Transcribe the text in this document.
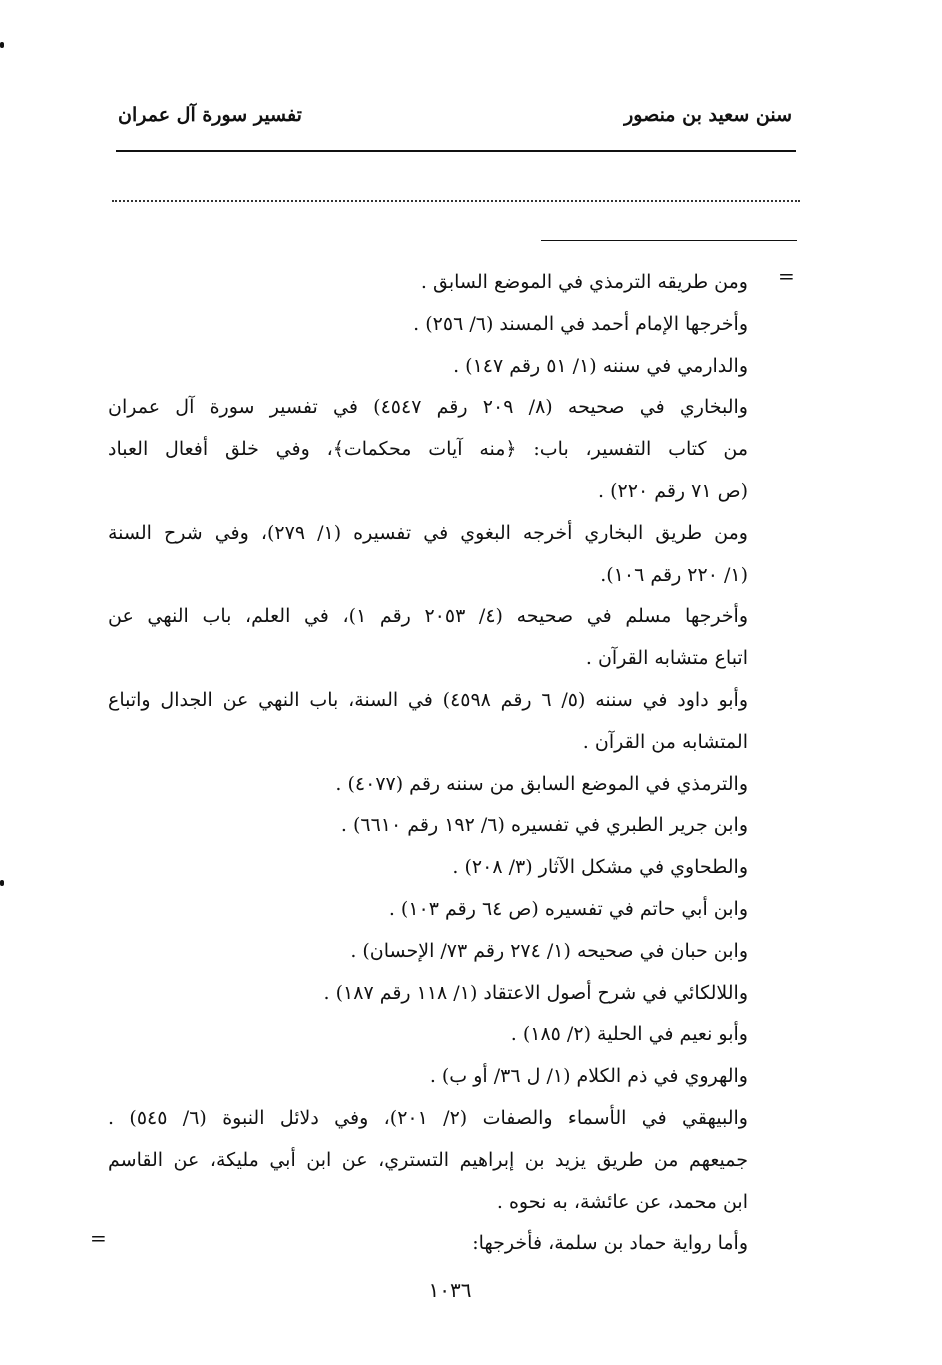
سنن سعيد بن منصور
تفسير سورة آل عمران
=
ومن طريقه الترمذي في الموضع السابق .
وأخرجها الإمام أحمد في المسند (٦/ ٢٥٦) .
والدارمي في سننه (١/ ٥١ رقم ١٤٧) .
والبخاري في صحيحه (٨/ ٢٠٩ رقم ٤٥٤٧) في تفسير سورة آل عمران
من كتاب التفسير، باب: ﴿منه آيات محكمات﴾، وفي خلق أفعال العباد
(ص ٧١ رقم ٢٢٠) .
ومن طريق البخاري أخرجه البغوي في تفسيره (١/ ٢٧٩)، وفي شرح السنة
(١/ ٢٢٠ رقم ١٠٦).
وأخرجها مسلم في صحيحه (٤/ ٢٠٥٣ رقم ١)، في العلم، باب النهي عن
اتباع متشابه القرآن .
وأبو داود في سننه (٥/ ٦ رقم ٤٥٩٨) في السنة، باب النهي عن الجدال واتباع
المتشابه من القرآن .
والترمذي في الموضع السابق من سننه رقم (٤٠٧٧) .
وابن جرير الطبري في تفسيره (٦/ ١٩٢ رقم ٦٦١٠) .
والطحاوي في مشكل الآثار (٣/ ٢٠٨) .
وابن أبي حاتم في تفسيره (ص ٦٤ رقم ١٠٣) .
وابن حبان في صحيحه (١/ ٢٧٤ رقم ٧٣/ الإحسان) .
واللالكائي في شرح أصول الاعتقاد (١/ ١١٨ رقم ١٨٧) .
وأبو نعيم في الحلية (٢/ ١٨٥) .
والهروي في ذم الكلام (١/ ل ٣٦/ أو ب) .
والبيهقي في الأسماء والصفات (٢/ ٢٠١)، وفي دلائل النبوة (٦/ ٥٤٥) .
جميعهم من طريق يزيد بن إبراهيم التستري، عن ابن أبي مليكة، عن القاسم
ابن محمد، عن عائشة، به نحوه .
وأما رواية حماد بن سلمة، فأخرجها:
=
١٠٣٦
